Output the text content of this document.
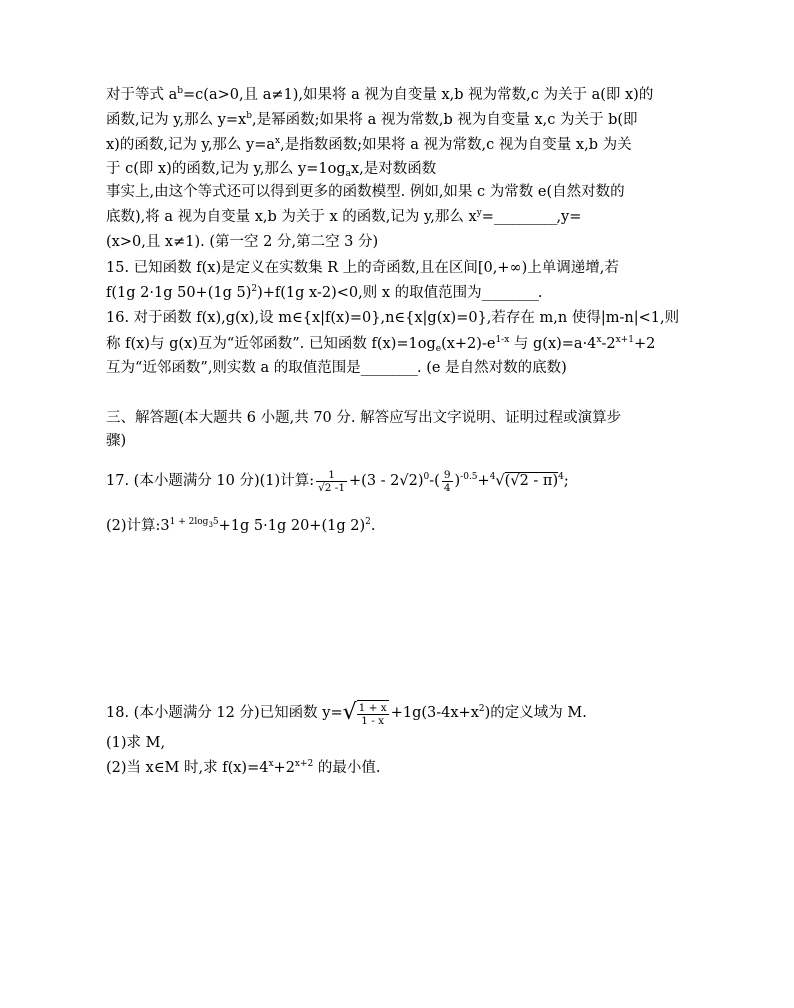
对于等式 $a^b=c(a>0$,且 a≠1),如果将 a 视为自变量 x,b 视为常数,c 为关于 a(即 x)的
函数,记为 y,那么 $y=x^b$,是幂函数;如果将 a 视为常数,b 视为自变量 x,c 为关于 b(即
x)的函数,记为 y,那么 $y=a^x$,是指数函数;如果将 a 视为常数,c 视为自变量 x,b 为关
于 c(即 x)的函数,记为 y,那么 $y=1og_ax$,是对数函数
事实上,由这个等式还可以得到更多的函数模型. 例如,如果 c 为常数 e(自然对数的
底数),将 a 视为自变量 x,b 为关于 x 的函数,记为 y,那么 $x^y=\_\_\_\_\_\_\_\_\_\_,y=$
(x>0,且 x≠1). (第一空 2 分,第二空 3 分)
15. 已知函数 f(x)是定义在实数集 R 上的奇函数,且在区间[0,+∞)上单调递增,若
f(1g 2·1g 50+(1g 5)$^2$)+f(1g x-2)<0,则 x 的取值范围为_________.
16. 对于函数 f(x),g(x),设 m∈{x|f(x)=0},n∈{x|g(x)=0},若存在 m,n 使得|m-n|<1,则
称 f(x)与 g(x)互为“近邻函数”. 已知函数 $f(x)=1og_e(x+2)-e^{1-x}$ 与 $g(x)=a\cdot 4^x-2^{x+1}+2$
互为“近邻函数”,则实数 a 的取值范围是_________. (e 是自然对数的底数)
三、解答题(本大题共 6 小题,共 70 分. 解答应写出文字说明、证明过程或演算步
骤)
17. (本小题满分 10 分)(1)计算: $\frac{1}{√2 -1} +(3 - 2√2)^0-( \frac{9}{4} )^{-0.5}+^4√(√2 - \pi)^4$;
(2)计算$:3^{1 + 2log}_3^5+1g$ 5·1g 20+(1g 2)$^2$.
18. (本小题满分 12 分)已知函数 y= √ $\frac{1 + x}{1 - x} +1g(3-4x+x^2)$的定义域为 M.
(1)求 M,
(2)当 x∈M 时,求 $f(x)=4^x+2^{x+2}$ 的最小值.
